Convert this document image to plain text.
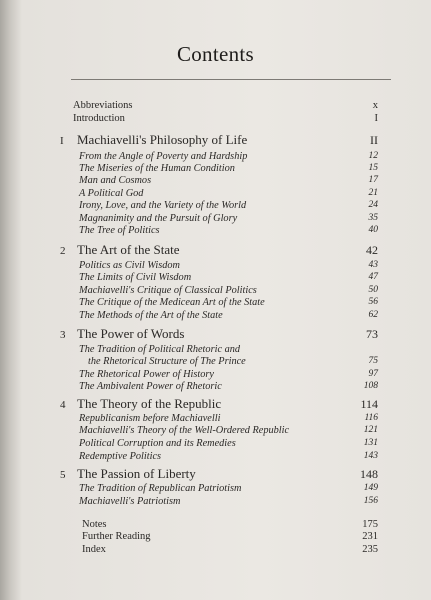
Contents
Abbreviations	x
Introduction	I
I Machiavelli's Philosophy of Life	II
From the Angle of Poverty and Hardship	12
The Miseries of the Human Condition	15
Man and Cosmos	17
A Political God	21
Irony, Love, and the Variety of the World	24
Magnanimity and the Pursuit of Glory	35
The Tree of Politics	40
2 The Art of the State	42
Politics as Civil Wisdom	43
The Limits of Civil Wisdom	47
Machiavelli's Critique of Classical Politics	50
The Critique of the Medicean Art of the State	56
The Methods of the Art of the State	62
3 The Power of Words	73
The Tradition of Political Rhetoric and
the Rhetorical Structure of The Prince	75
The Rhetorical Power of History	97
The Ambivalent Power of Rhetoric	108
4 The Theory of the Republic	114
Republicanism before Machiavelli	116
Machiavelli's Theory of the Well-Ordered Republic	121
Political Corruption and its Remedies	131
Redemptive Politics	143
5 The Passion of Liberty	148
The Tradition of Republican Patriotism	149
Machiavelli's Patriotism	156
Notes	175
Further Reading	231
Index	235
